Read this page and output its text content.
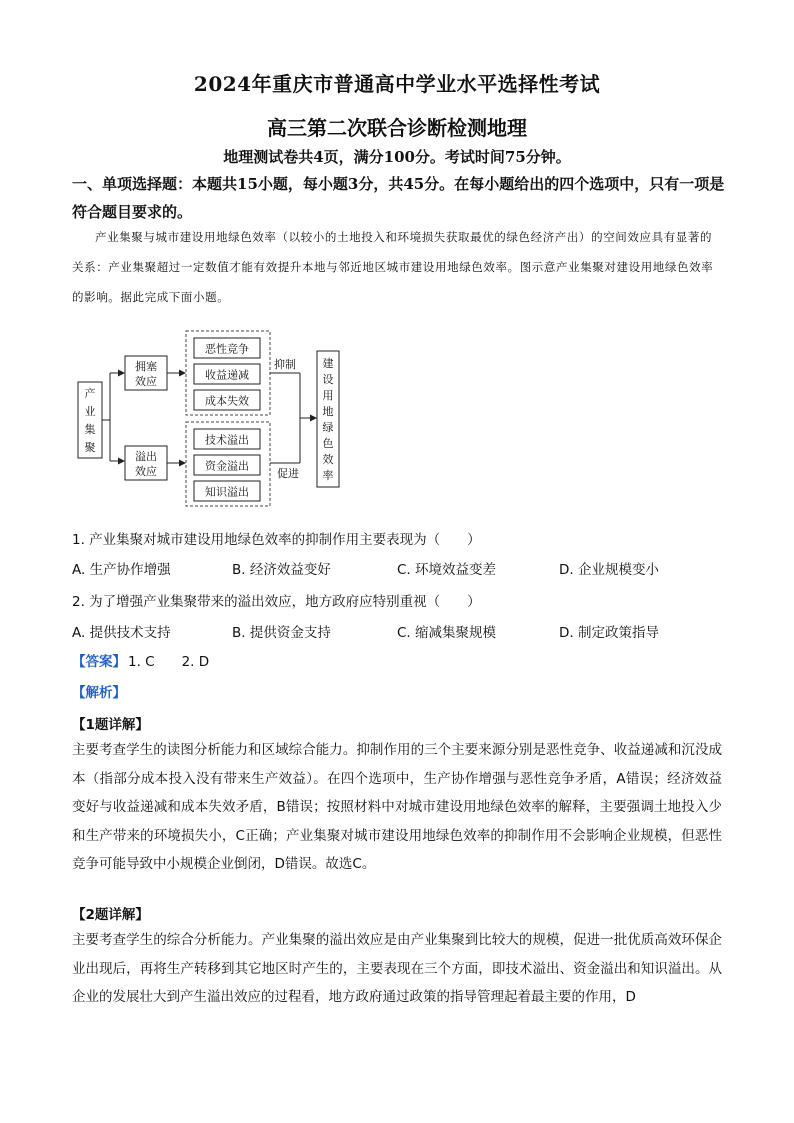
2024年重庆市普通高中学业水平选择性考试
高三第二次联合诊断检测地理
地理测试卷共4页，满分100分。考试时间75分钟。
一、单项选择题：本题共15小题，每小题3分，共45分。在每小题给出的四个选项中，只有一项是符合题目要求的。
产业集聚与城市建设用地绿色效率（以较小的土地投入和环境损失获取最优的绿色经济产出）的空间效应具有显著的关系：产业集聚超过一定数值才能有效提升本地与邻近地区城市建设用地绿色效率。图示意产业集聚对建设用地绿色效率的影响。据此完成下面小题。
产
业
集
聚
拥塞
效应
溢出
效应
恶性竞争
收益递减
成本失效
技术溢出
资金溢出
知识溢出
抑制
促进
建
设
用
地
绿
色
效
率
1. 产业集聚对城市建设用地绿色效率的抑制作用主要表现为（　　）
A. 生产协作增强	B. 经济效益变好	C. 环境效益变差	D. 企业规模变小
2. 为了增强产业集聚带来的溢出效应，地方政府应特别重视（　　）
A. 提供技术支持	B. 提供资金支持	C. 缩减集聚规模	D. 制定政策指导
【答案】 1. C　　2. D
【解析】
【1题详解】
主要考查学生的读图分析能力和区域综合能力。抑制作用的三个主要来源分别是恶性竞争、收益递减和沉没成本（指部分成本投入没有带来生产效益）。在四个选项中，生产协作增强与恶性竞争矛盾，A错误；经济效益变好与收益递减和成本失效矛盾，B错误；按照材料中对城市建设用地绿色效率的解释，主要强调土地投入少和生产带来的环境损失小，C正确；产业集聚对城市建设用地绿色效率的抑制作用不会影响企业规模，但恶性竞争可能导致中小规模企业倒闭，D错误。故选C。
【2题详解】
主要考查学生的综合分析能力。产业集聚的溢出效应是由产业集聚到比较大的规模，促进一批优质高效环保企业出现后，再将生产转移到其它地区时产生的，主要表现在三个方面，即技术溢出、资金溢出和知识溢出。从企业的发展壮大到产生溢出效应的过程看，地方政府通过政策的指导管理起着最主要的作用，D
